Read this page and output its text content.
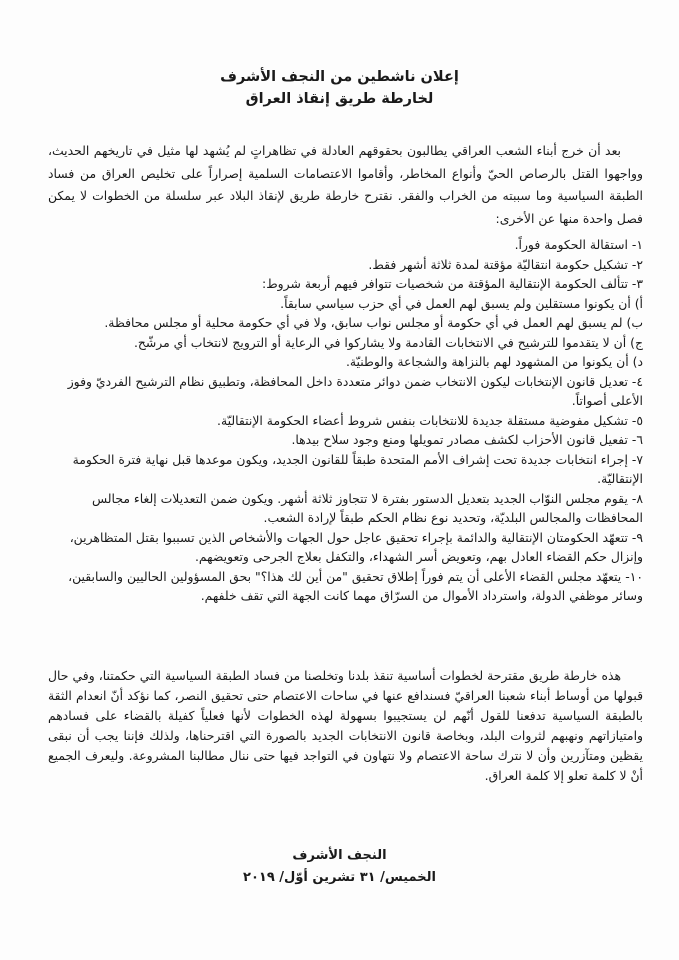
إعلان ناشطين من النجف الأشرف
لخارطة طريق إنقاذ العراق

بعد أن خرج أبناء الشعب العراقي يطالبون بحقوقهم العادلة في تظاهراتٍ لم يُشهد لها مثيل في تاريخهم الحديث، وواجهوا القتل بالرصاص الحيّ وأنواع المخاطر، وأقاموا الاعتصامات السلمية إصراراً على تخليص العراق من فساد الطبقة السياسية وما سببته من الخراب والفقر. نقترح خارطة طريق لإنقاذ البلاد عبر سلسلة من الخطوات لا يمكن فصل واحدة منها عن الأخرى:

١- استقالة الحكومة فوراً.
٢- تشكيل حكومة انتقاليّة مؤقتة لمدة ثلاثة أشهر فقط.
٣- تتألف الحكومة الإنتقالية المؤقتة من شخصيات تتوافر فيهم أربعة شروط:
أ) أن يكونوا مستقلين ولم يسبق لهم العمل في أي حزب سياسي سابقاً.
ب) لم يسبق لهم العمل في أي حكومة أو مجلس نواب سابق، ولا في أي حكومة محلية أو مجلس محافظة.
ج) أن لا يتقدموا للترشيح في الانتخابات القادمة ولا يشاركوا في الرعاية أو الترويج لانتخاب أي مرشّح.
د) أن يكونوا من المشهود لهم بالنزاهة والشجاعة والوطنيّة.
٤- تعديل قانون الإنتخابات ليكون الانتخاب ضمن دوائر متعددة داخل المحافظة، وتطبيق نظام الترشيح الفرديّ وفوز الأعلى أصواتاً.
٥- تشكيل مفوضية مستقلة جديدة للانتخابات بنفس شروط أعضاء الحكومة الإنتقاليّة.
٦- تفعيل قانون الأحزاب لكشف مصادر تمويلها ومنع وجود سلاح بيدها.
٧- إجراء انتخابات جديدة تحت إشراف الأمم المتحدة طبقاً للقانون الجديد، ويكون موعدها قبل نهاية فترة الحكومة الإنتقاليّة.
٨- يقوم مجلس النوّاب الجديد بتعديل الدستور بفترة لا تتجاوز ثلاثة أشهر. ويكون ضمن التعديلات إلغاء مجالس المحافظات والمجالس البلديّة، وتحديد نوع نظام الحكم طبقاً لإرادة الشعب.
٩- تتعهّد الحكومتان الإنتقالية والدائمة بإجراء تحقيق عاجل حول الجهات والأشخاص الذين تسببوا بقتل المتظاهرين، وإنزال حكم القضاء العادل بهم، وتعويض أسر الشهداء، والتكفل بعلاج الجرحى وتعويضهم.
١٠- يتعهّد مجلس القضاء الأعلى أن يتم فوراً إطلاق تحقيق "من أين لك هذا؟" بحق المسؤولين الحاليين والسابقين، وسائر موظفي الدولة، واسترداد الأموال من السرّاق مهما كانت الجهة التي تقف خلفهم.

هذه خارطة طريق مقترحة لخطوات أساسية تنقذ بلدنا وتخلصنا من فساد الطبقة السياسية التي حكمتنا، وفي حال قبولها من أوساط أبناء شعبنا العراقيّ فسندافع عنها في ساحات الاعتصام حتى تحقيق النصر، كما نؤكد أنّ انعدام الثقة بالطبقة السياسية تدفعنا للقول أنّهم لن يستجيبوا بسهولة لهذه الخطوات لأنها فعلياً كفيلة بالقضاء على فسادهم وامتيازاتهم ونهبهم لثروات البلد، وبخاصة قانون الانتخابات الجديد بالصورة التي اقترحناها، ولذلك فإننا يجب أن نبقى يقظين ومتآزرين وأن لا نترك ساحة الاعتصام ولا نتهاون في التواجد فيها حتى ننال مطالبنا المشروعة. وليعرف الجميع أنْ لا كلمة تعلو إلا كلمة العراق.

النجف الأشرف
الخميس/ ٣١ تشرين أوّل/ ٢٠١٩
